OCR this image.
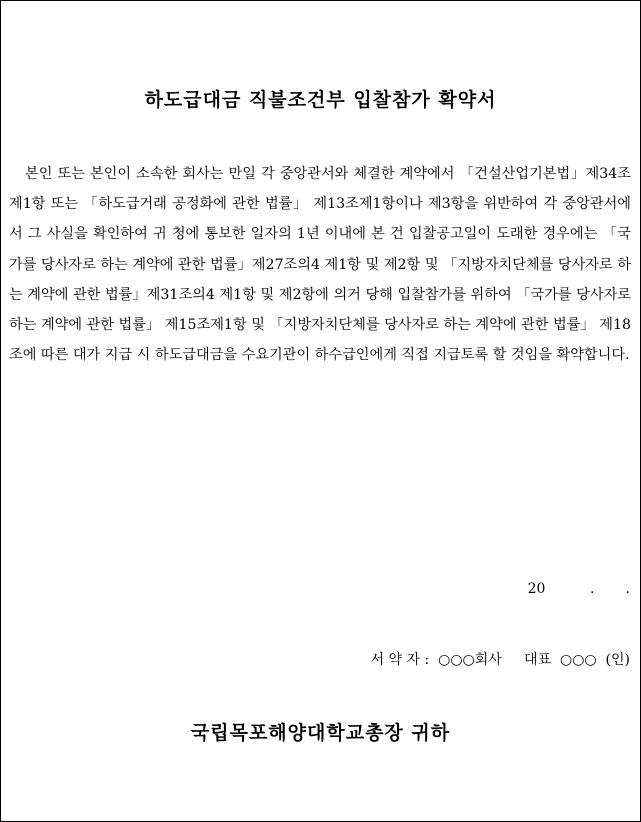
하도급대금 직불조건부 입찰참가 확약서

본인 또는 본인이 소속한 회사는 만일 각 중앙관서와 체결한 계약에서 「건설산업기본법」제34조제1항 또는 「하도급거래 공정화에 관한 법률」 제13조제1항이나 제3항을 위반하여 각 중앙관서에서 그 사실을 확인하여 귀 청에 통보한 일자의 1년 이내에 본 건 입찰공고일이 도래한 경우에는 「국가를 당사자로 하는 계약에 관한 법률」제27조의4 제1항 및 제2항 및 「지방자치단체를 당사자로 하는 계약에 관한 법률」제31조의4 제1항 및 제2항에 의거 당해 입찰참가를 위하여 「국가를 당사자로 하는 계약에 관한 법률」 제15조제1항 및 「지방자치단체를 당사자로 하는 계약에 관한 법률」 제18조에 따른 대가 지급 시 하도급대금을 수요기관이 하수급인에게 직접 지급토록 할 것임을 확약합니다.

20          .       .
서 약 자 :  ○○○회사     대표  ○○○  (인)
국립목포해양대학교총장 귀하
